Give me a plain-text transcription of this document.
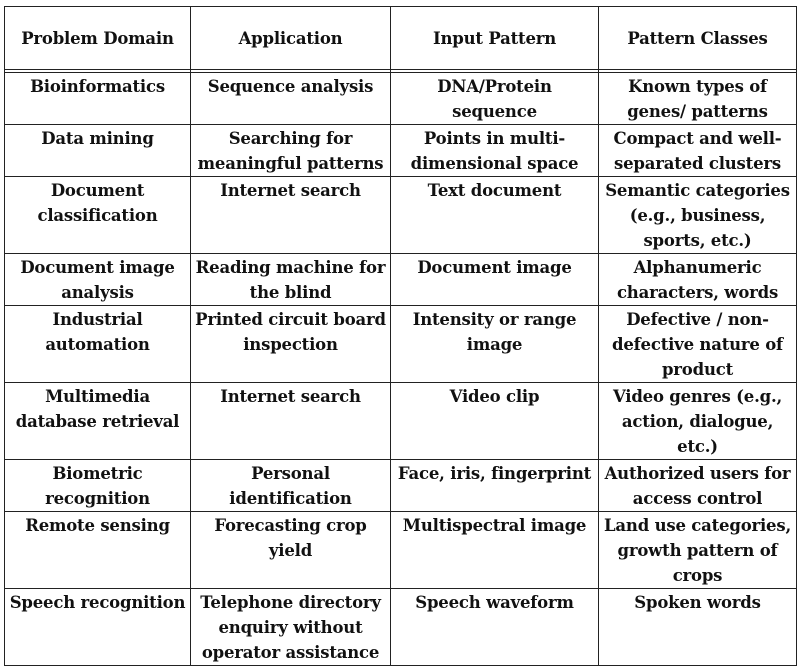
Problem Domain	Application	Input Pattern	Pattern Classes

Bioinformatics	Sequence analysis	DNA/Protein sequence	Known types of genes/ patterns
Data mining	Searching for meaningful patterns	Points in multi-dimensional space	Compact and well-separated clusters
Document classification	Internet search	Text document	Semantic categories (e.g., business, sports, etc.)
Document image analysis	Reading machine for the blind	Document image	Alphanumeric characters, words
Industrial automation	Printed circuit board inspection	Intensity or range image	Defective / non-defective nature of product
Multimedia database retrieval	Internet search	Video clip	Video genres (e.g., action, dialogue, etc.)
Biometric recognition	Personal identification	Face, iris, fingerprint	Authorized users for access control
Remote sensing	Forecasting crop yield	Multispectral image	Land use categories, growth pattern of crops
Speech recognition	Telephone directory enquiry without operator assistance	Speech waveform	Spoken words
